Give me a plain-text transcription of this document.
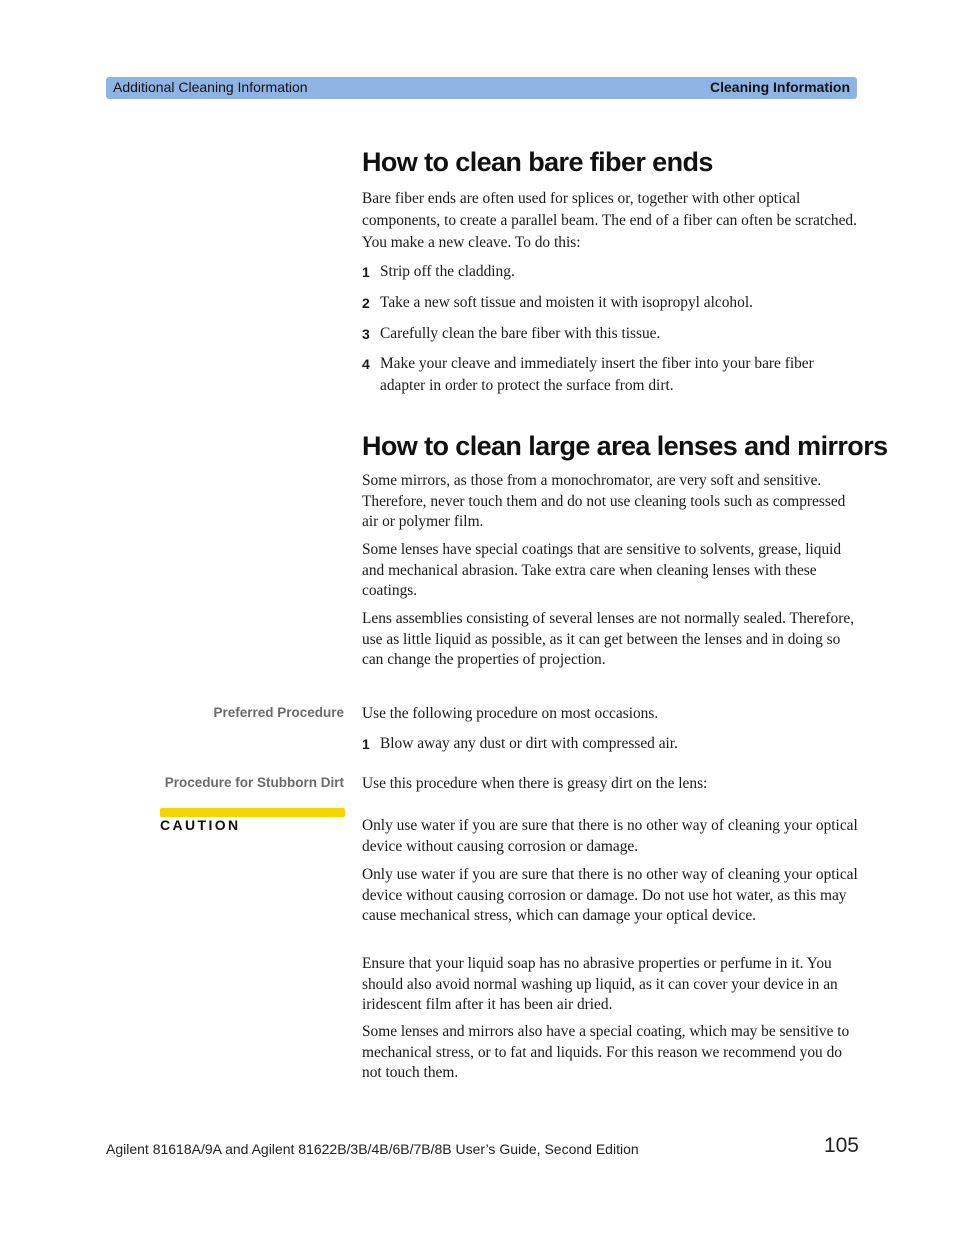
Additional Cleaning Information	Cleaning Information
How to clean bare fiber ends

Bare fiber ends are often used for splices or, together with other optical components, to create a parallel beam. The end of a fiber can often be scratched. You make a new cleave. To do this:

1 Strip off the cladding.
2 Take a new soft tissue and moisten it with isopropyl alcohol.
3 Carefully clean the bare fiber with this tissue.
4 Make your cleave and immediately insert the fiber into your bare fiber adapter in order to protect the surface from dirt.
How to clean large area lenses and mirrors

Some mirrors, as those from a monochromator, are very soft and sensitive. Therefore, never touch them and do not use cleaning tools such as compressed air or polymer film.

Some lenses have special coatings that are sensitive to solvents, grease, liquid and mechanical abrasion. Take extra care when cleaning lenses with these coatings.

Lens assemblies consisting of several lenses are not normally sealed. Therefore, use as little liquid as possible, as it can get between the lenses and in doing so can change the properties of projection.

Preferred Procedure Use the following procedure on most occasions.

1 Blow away any dust or dirt with compressed air.
Procedure for Stubborn Dirt Use this procedure when there is greasy dirt on the lens:

CAUTION	Only use water if you are sure that there is no other way of cleaning your optical device without causing corrosion or damage.

Only use water if you are sure that there is no other way of cleaning your optical device without causing corrosion or damage. Do not use hot water, as this may cause mechanical stress, which can damage your optical device.

Ensure that your liquid soap has no abrasive properties or perfume in it. You should also avoid normal washing up liquid, as it can cover your device in an iridescent film after it has been air dried.

Some lenses and mirrors also have a special coating, which may be sensitive to mechanical stress, or to fat and liquids. For this reason we recommend you do not touch them.

Agilent 81618A/9A and Agilent 81622B/3B/4B/6B/7B/8B User’s Guide, Second Edition	105
